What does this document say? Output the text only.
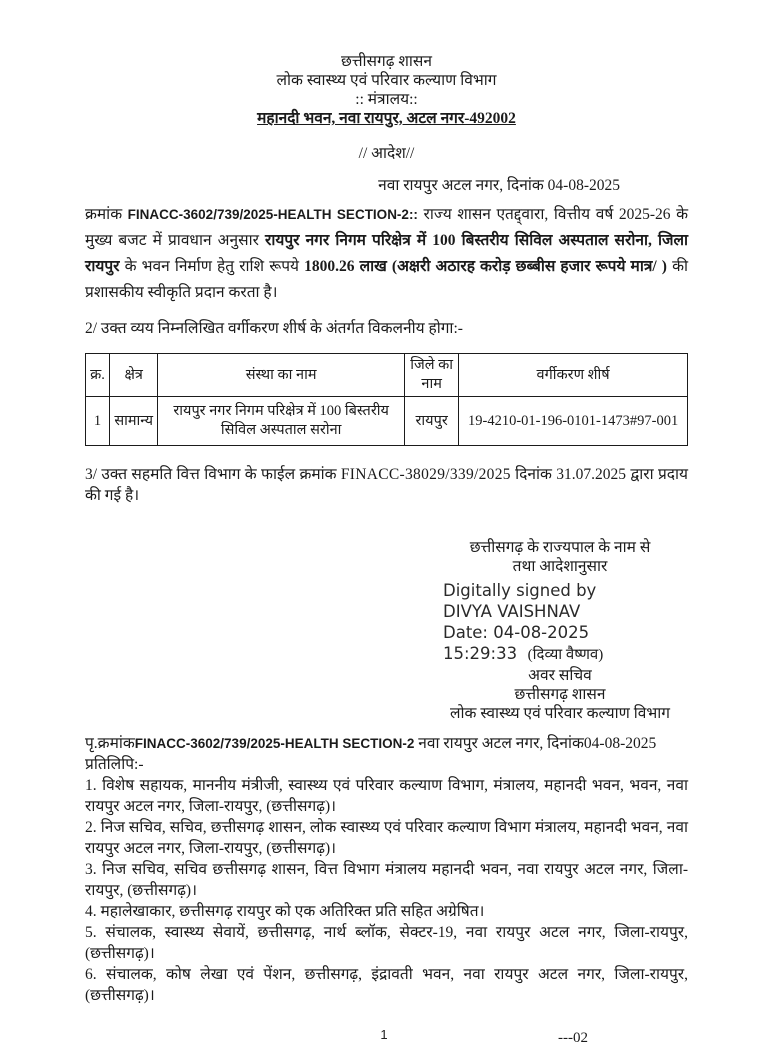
छत्तीसगढ़ शासन
लोक स्वास्थ्य एवं परिवार कल्याण विभाग
:: मंत्रालय::
महानदी भवन, नवा रायपुर, अटल नगर-492002
// आदेश//
नवा रायपुर अटल नगर, दिनांक 04-08-2025
क्रमांक FINACC-3602/739/2025-HEALTH SECTION-2:: राज्य शासन एतद्द्वारा, वित्तीय वर्ष 2025-26 के मुख्य बजट में प्रावधान अनुसार रायपुर नगर निगम परिक्षेत्र में 100 बिस्तरीय सिविल अस्पताल सरोना, जिला रायपुर के भवन निर्माण हेतु राशि रूपये 1800.26 लाख (अक्षरी अठारह करोड़ छब्बीस हजार रूपये मात्र/ ) की प्रशासकीय स्वीकृति प्रदान करता है।
2/ उक्त व्यय निम्नलिखित वर्गीकरण शीर्ष के अंतर्गत विकलनीय होगा:-
क्र.	क्षेत्र	संस्था का नाम	जिले का नाम	वर्गीकरण शीर्ष
1	सामान्य	रायपुर नगर निगम परिक्षेत्र में 100 बिस्तरीय सिविल अस्पताल सरोना	रायपुर	19-4210-01-196-0101-1473#97-001
3/ उक्त सहमति वित्त विभाग के फाईल क्रमांक FINACC-38029/339/2025 दिनांक 31.07.2025 द्वारा प्रदाय की गई है।
छत्तीसगढ़ के राज्यपाल के नाम से
तथा आदेशानुसार
Digitally signed by
DIVYA VAISHNAV
Date: 04-08-2025
15:29:33 (दिव्या वैष्णव)
अवर सचिव
छत्तीसगढ़ शासन
लोक स्वास्थ्य एवं परिवार कल्याण विभाग
पृ.क्रमांकFINACC-3602/739/2025-HEALTH SECTION-2 नवा रायपुर अटल नगर, दिनांक04-08-2025
प्रतिलिपि:-
1. विशेष सहायक, माननीय मंत्रीजी, स्वास्थ्य एवं परिवार कल्याण विभाग, मंत्रालय, महानदी भवन, भवन, नवा रायपुर अटल नगर, जिला-रायपुर, (छत्तीसगढ़)।
2. निज सचिव, सचिव, छत्तीसगढ़ शासन, लोक स्वास्थ्य एवं परिवार कल्याण विभाग मंत्रालय, महानदी भवन, नवा रायपुर अटल नगर, जिला-रायपुर, (छत्तीसगढ़)।
3. निज सचिव, सचिव छत्तीसगढ़ शासन, वित्त विभाग मंत्रालय महानदी भवन, नवा रायपुर अटल नगर, जिला-रायपुर, (छत्तीसगढ़)।
4. महालेखाकार, छत्तीसगढ़ रायपुर को एक अतिरिक्त प्रति सहित अग्रेषित।
5. संचालक, स्वास्थ्य सेवायें, छत्तीसगढ़, नार्थ ब्लॉक, सेक्टर-19, नवा रायपुर अटल नगर, जिला-रायपुर, (छत्तीसगढ़)।
6. संचालक, कोष लेखा एवं पेंशन, छत्तीसगढ़, इंद्रावती भवन, नवा रायपुर अटल नगर, जिला-रायपुर, (छत्तीसगढ़)।
---02
1
